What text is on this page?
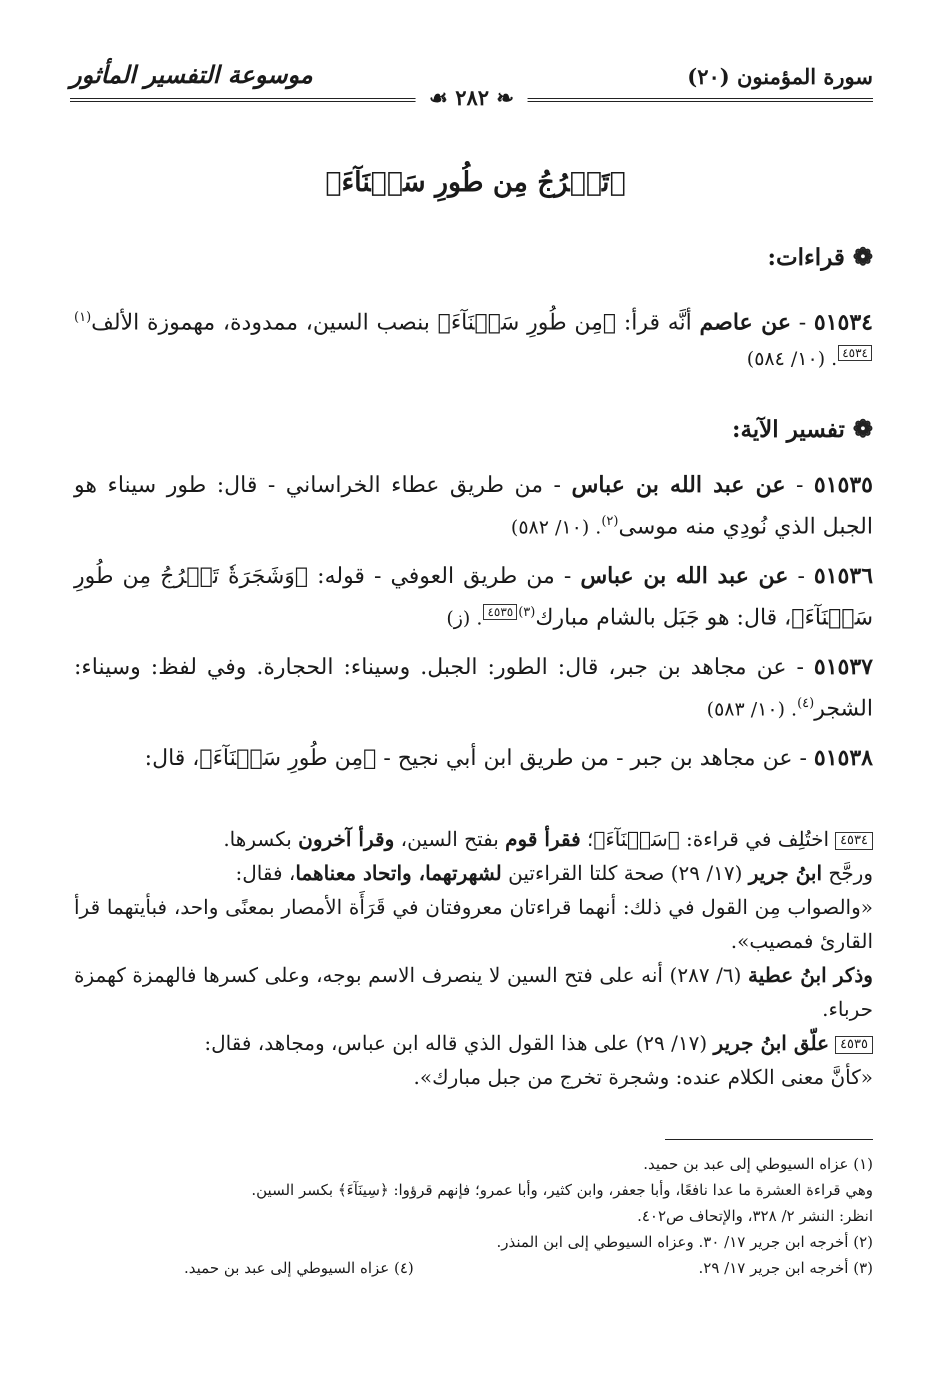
سورة المؤمنون (٢٠)
موسوعة التفسير المأثور
❧ ٢٨٢ ☙
﴿تَخۡرُجُ مِن طُورِ سَيۡنَآءَ﴾
❁قراءات:
٥١٥٣٤ - عن عاصم أنَّه قرأ: ﴿مِن طُورِ سَيۡنَآءَ﴾ بنصب السين، ممدودة، مهموزة الألف$^{(١)}$٤٥٣٤. (١٠/ ٥٨٤)
❁تفسير الآية:
٥١٥٣٥ - عن عبد الله بن عباس - من طريق عطاء الخراساني - قال: طور سيناء هو الجبل الذي نُودِي منه موسى$^{(٢)}$. (١٠/ ٥٨٢)
٥١٥٣٦ - عن عبد الله بن عباس - من طريق العوفي - قوله: ﴿وَشَجَرَةٗ تَخۡرُجُ مِن طُورِ سَيۡنَآءَ﴾، قال: هو جَبَل بالشام مبارك$^{(٣)}$٤٥٣٥. (ز)
٥١٥٣٧ - عن مجاهد بن جبر، قال: الطور: الجبل. وسيناء: الحجارة. وفي لفظ: وسيناء: الشجر$^{(٤)}$. (١٠/ ٥٨٣)
٥١٥٣٨ - عن مجاهد بن جبر - من طريق ابن أبي نجيح - ﴿مِن طُورِ سَيۡنَآءَ﴾، قال:

٤٥٣٤اختُلِف في قراءة: ﴿سَيۡنَآءَ﴾؛ فقرأ قوم بفتح السين، وقرأ آخرون بكسرها.

ورجَّح ابنُ جرير (١٧/ ٢٩) صحة كلتا القراءتين لشهرتهما، واتحاد معناهما، فقال:

«والصواب مِن القول في ذلك: أنهما قراءتان معروفتان في قَرَأَة الأمصار بمعنًى واحد، فبأيتهما قرأ القارئ فمصيب».

وذكر ابنُ عطية (٦/ ٢٨٧) أنه على فتح السين لا ينصرف الاسم بوجه، وعلى كسرها فالهمزة كهمزة حرباء.

٤٥٣٥علّق ابنُ جرير (١٧/ ٢٩) على هذا القول الذي قاله ابن عباس، ومجاهد، فقال:

«كأنَّ معنى الكلام عنده: وشجرة تخرج من جبل مبارك».

(١) عزاه السيوطي إلى عبد بن حميد.

وهي قراءة العشرة ما عدا نافعًا، وأبا جعفر، وابن كثير، وأبا عمرو؛ فإنهم قرؤوا: ﴿سِينَآءَ﴾ بكسر السين.

انظر: النشر ٢/ ٣٢٨، والإتحاف ص٤٠٢.

(٢) أخرجه ابن جرير ١٧/ ٣٠. وعزاه السيوطي إلى ابن المنذر.

(٣) أخرجه ابن جرير ١٧/ ٢٩.
(٤) عزاه السيوطي إلى عبد بن حميد.
